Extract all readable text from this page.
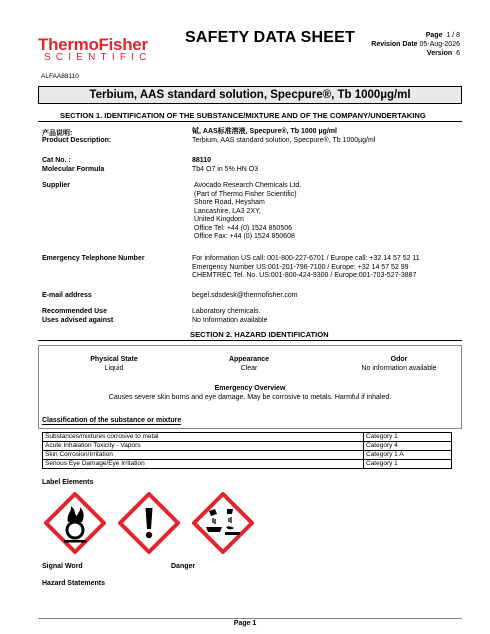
ThermoFisher
SCIENTIFIC
SAFETY DATA SHEET	Page 1 / 8
Revision Date 05-Aug-2026
Version 6
ALFAA88110
Terbium, AAS standard solution, Specpure®, Tb 1000µg/ml
SECTION 1. IDENTIFICATION OF THE SUBSTANCE/MIXTURE AND OF THE COMPANY/UNDERTAKING
产品说明:	铽, AAS标准溶液, Specpure®, Tb 1000 µg/ml
Product Description:	Terbium, AAS standard solution, Specpure®, Tb 1000µg/ml
Cat No. :	88110
Molecular Formula	Tb4 O7 in 5% HN O3
Supplier	Avocado Research Chemicals Ltd.
(Part of Thermo Fisher Scientific)
Shore Road, Heysham
Lancashire, LA3 2XY,
United Kingdom
Office Tel: +44 (0) 1524 850506
Office Fax: +44 (0) 1524 850608
Emergency Telephone Number	For information US call: 001-800-227-6701 / Europe call: +32 14 57 52 11
Emergency Number US:001-201-796-7100 / Europe: +32 14 57 52 99
CHEMTREC Tel. No. US:001-800-424-9300 / Europe:001-703-527-3887
E-mail address	begel.sdsdesk@thermofisher.com
Recommended Use	Laboratory chemicals.
Uses advised against	No Information available
SECTION 2. HAZARD IDENTIFICATION
Physical State
Liquid
Appearance
Clear
Odor
No information available
Emergency Overview
Causes severe skin burns and eye damage. May be corrosive to metals. Harmful if inhaled.
Classification of the substance or mixture
Substances/mixtures corrosive to metal	Category 1
Acute Inhalation Toxicity - Vapors	Category 4
Skin Corrosion/Irritation	Category 1 A
Serious Eye Damage/Eye Irritation	Category 1
Label Elements
Signal Word	Danger
Hazard Statements
Page 1
